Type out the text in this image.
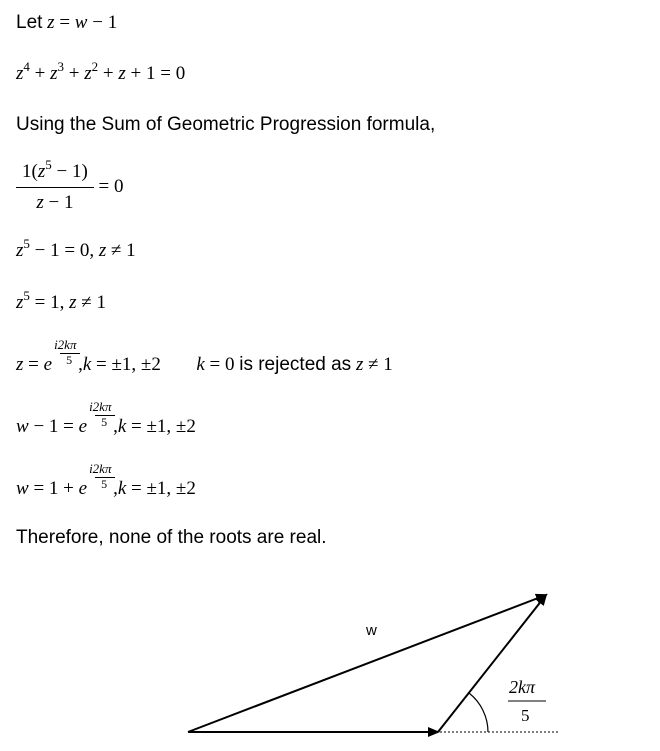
Let z = w − 1
$z^4 + z^3 + z^2 + z + 1 = 0$
Using the Sum of Geometric Progression formula,
$\frac{1(z^5 - 1)}{z - 1} = 0$
$z^5 - 1 = 0$, z ≠ 1
$z^5 = 1$, z ≠ 1
z = e $\frac{i2k\pi}{5} ,k = \pm 1$, ±2 k = 0 is rejected as z ≠ 1
w − 1 = e $\frac{i2k\pi}{5} ,k = \pm 1$, ±2
w = 1 + e $\frac{i2k\pi}{5} ,k = \pm 1$, ±2
Therefore, none of the roots are real.
w
2kπ
5
